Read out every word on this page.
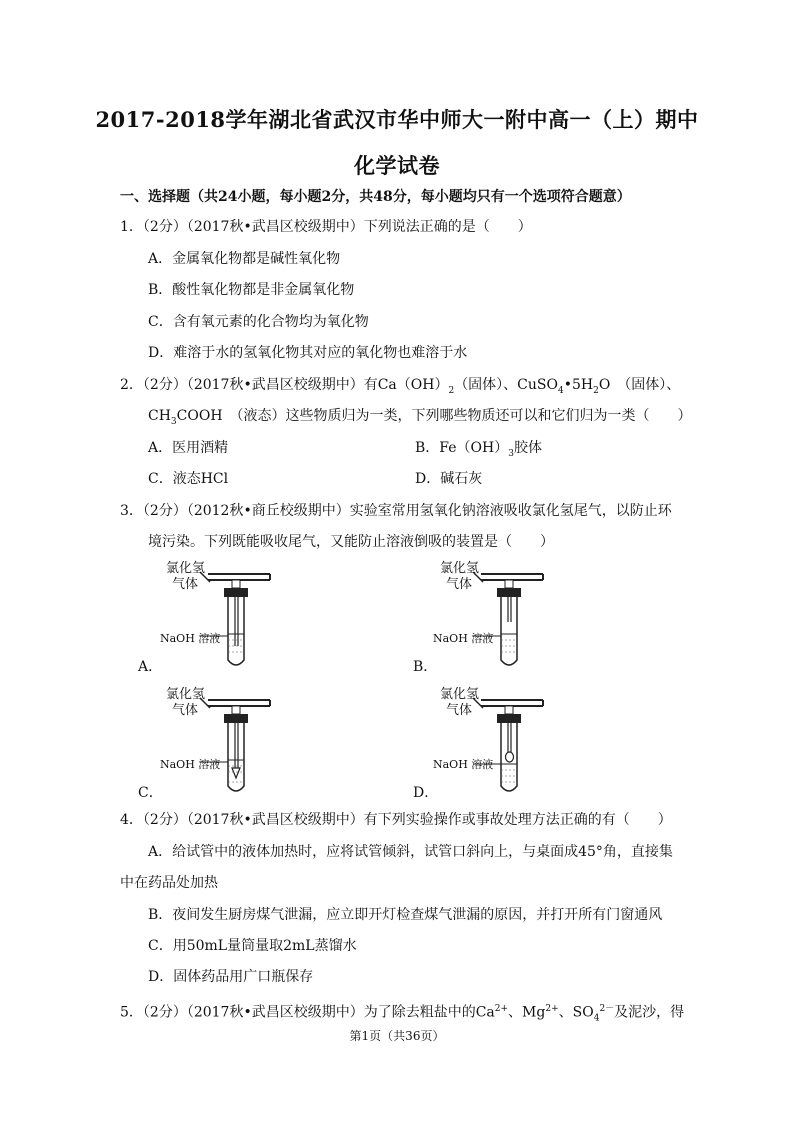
2017-2018学年湖北省武汉市华中师大一附中高一（上）期中
化学试卷
一、选择题（共24小题，每小题2分，共48分，每小题均只有一个选项符合题意）
1．（2分）（2017秋•武昌区校级期中）下列说法正确的是（　　）
A．金属氧化物都是碱性氧化物
B．酸性氧化物都是非金属氧化物
C．含有氧元素的化合物均为氧化物
D．难溶于水的氢氧化物其对应的氧化物也难溶于水
2．（2分）（2017秋•武昌区校级期中）有$Ca(OH)_2$（固体）、$CuSO_4•5H_2O$　（固体）、
$CH_3COOH$　（液态）这些物质归为一类，下列哪些物质还可以和它们归为一类（　　）
A．医用酒精	B．$Fe(OH)_3$胶体
C．液态HCl	D．碱石灰
3．（2分）（2012秋•商丘校级期中）实验室常用氢氧化钠溶液吸收氯化氢尾气，以防止环
境污染。下列既能吸收尾气，又能防止溶液倒吸的装置是（　　）
氯化氢
气体
NaOH 溶液
A．
氯化氢
气体
NaOH 溶液
B．
氯化氢
气体
NaOH 溶液
C．
氯化氢
气体
NaOH 溶液
D．
4．（2分）（2017秋•武昌区校级期中）有下列实验操作或事故处理方法正确的有（　　）
A．给试管中的液体加热时，应将试管倾斜，试管口斜向上，与桌面成45°角，直接集
中在药品处加热
B．夜间发生厨房煤气泄漏，应立即开灯检查煤气泄漏的原因，并打开所有门窗通风
C．用50mL量筒量取2mL蒸馏水
D．固体药品用广口瓶保存
5．（2分）（2017秋•武昌区校级期中）为了除去粗盐中的$Ca^{2+}$、$Mg^{2+}$、$SO_4^{2-}$及泥沙，得
第1页（共36页）
